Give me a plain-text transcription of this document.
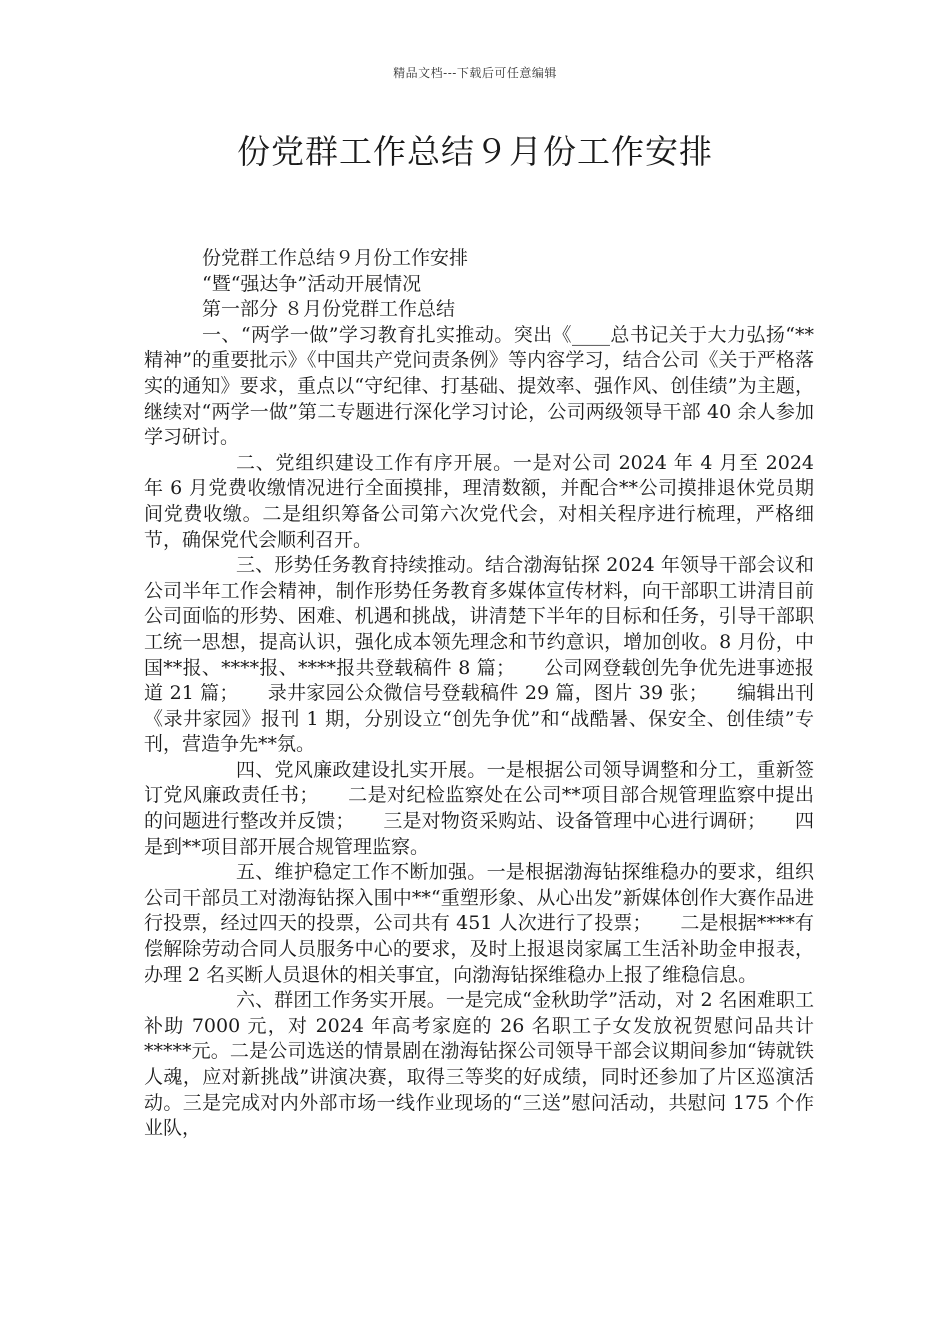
精品文档---下载后可任意编辑
份党群工作总结９月份工作安排

份党群工作总结９月份工作安排

“暨“强达争”活动开展情况

第一部分 ８月份党群工作总结

一、“两学一做”学习教育扎实推动。突出《____总书记关于大力弘扬“**精神”的重要批示》《中国共产党问责条例》等内容学习，结合公司《关于严格落实的通知》要求，重点以“守纪律、打基础、提效率、强作风、创佳绩”为主题，继续对“两学一做”第二专题进行深化学习讨论，公司两级领导干部 40 余人参加学习研讨。

二、党组织建设工作有序开展。一是对公司 2024 年 4 月至 2024 年 6 月党费收缴情况进行全面摸排，理清数额，并配合**公司摸排退休党员期间党费收缴。二是组织筹备公司第六次党代会，对相关程序进行梳理，严格细节，确保党代会顺利召开。

三、形势任务教育持续推动。结合渤海钻探 2024 年领导干部会议和公司半年工作会精神，制作形势任务教育多媒体宣传材料，向干部职工讲清目前公司面临的形势、困难、机遇和挑战，讲清楚下半年的目标和任务，引导干部职工统一思想，提高认识，强化成本领先理念和节约意识，增加创收。8 月份，中国**报、****报、****报共登载稿件 8 篇；　　公司网登载创先争优先进事迹报道 21 篇；　　录井家园公众微信号登载稿件 29 篇，图片 39 张；　　编辑出刊《录井家园》报刊 1 期，分别设立“创先争优”和“战酷暑、保安全、创佳绩”专刊，营造争先**氛。

四、党风廉政建设扎实开展。一是根据公司领导调整和分工，重新签订党风廉政责任书；　　二是对纪检监察处在公司**项目部合规管理监察中提出的问题进行整改并反馈；　　三是对物资采购站、设备管理中心进行调研；　　四是到**项目部开展合规管理监察。

五、维护稳定工作不断加强。一是根据渤海钻探维稳办的要求，组织公司干部员工对渤海钻探入围中**“重塑形象、从心出发”新媒体创作大赛作品进行投票，经过四天的投票，公司共有 451 人次进行了投票；　　二是根据****有偿解除劳动合同人员服务中心的要求，及时上报退岗家属工生活补助金申报表，办理 2 名买断人员退休的相关事宜，向渤海钻探维稳办上报了维稳信息。

六、群团工作务实开展。一是完成“金秋助学”活动，对 2 名困难职工补助 7000 元，对 2024 年高考家庭的 26 名职工子女发放祝贺慰问品共计*****元。二是公司选送的情景剧在渤海钻探公司领导干部会议期间参加“铸就铁人魂，应对新挑战”讲演决赛，取得三等奖的好成绩，同时还参加了片区巡演活动。三是完成对内外部市场一线作业现场的“三送”慰问活动，共慰问 175 个作业队，
